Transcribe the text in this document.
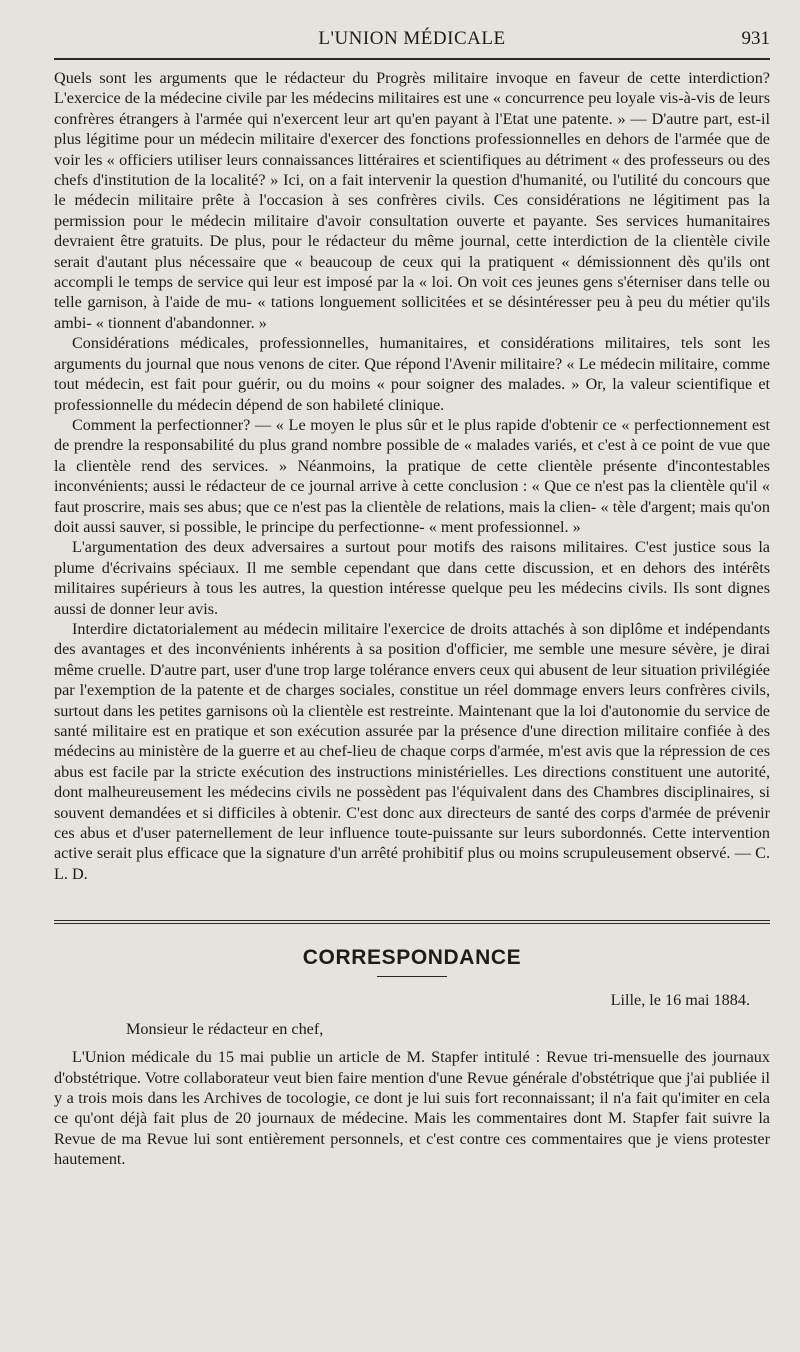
L'UNION MÉDICALE	931

Quels sont les arguments que le rédacteur du Progrès militaire invoque en faveur de cette interdiction? L'exercice de la médecine civile par les médecins militaires est une « concurrence peu loyale vis-à-vis de leurs confrères étrangers à l'armée qui n'exercent leur art qu'en payant à l'Etat une patente. » — D'autre part, est-il plus légitime pour un médecin militaire d'exercer des fonctions professionnelles en dehors de l'armée que de voir les « officiers utiliser leurs connaissances littéraires et scientifiques au détriment « des professeurs ou des chefs d'institution de la localité? » Ici, on a fait intervenir la question d'humanité, ou l'utilité du concours que le médecin militaire prête à l'occasion à ses confrères civils. Ces considérations ne légitiment pas la permission pour le médecin militaire d'avoir consultation ouverte et payante. Ses services humanitaires devraient être gratuits. De plus, pour le rédacteur du même journal, cette interdiction de la clientèle civile serait d'autant plus nécessaire que « beaucoup de ceux qui la pratiquent « démissionnent dès qu'ils ont accompli le temps de service qui leur est imposé par la « loi. On voit ces jeunes gens s'éterniser dans telle ou telle garnison, à l'aide de mu- « tations longuement sollicitées et se désintéresser peu à peu du métier qu'ils ambi- « tionnent d'abandonner. »

Considérations médicales, professionnelles, humanitaires, et considérations militaires, tels sont les arguments du journal que nous venons de citer. Que répond l'Avenir militaire? « Le médecin militaire, comme tout médecin, est fait pour guérir, ou du moins « pour soigner des malades. » Or, la valeur scientifique et professionnelle du médecin dépend de son habileté clinique.

Comment la perfectionner? — « Le moyen le plus sûr et le plus rapide d'obtenir ce « perfectionnement est de prendre la responsabilité du plus grand nombre possible de « malades variés, et c'est à ce point de vue que la clientèle rend des services. » Néanmoins, la pratique de cette clientèle présente d'incontestables inconvénients; aussi le rédacteur de ce journal arrive à cette conclusion : « Que ce n'est pas la clientèle qu'il « faut proscrire, mais ses abus; que ce n'est pas la clientèle de relations, mais la clien- « tèle d'argent; mais qu'on doit aussi sauver, si possible, le principe du perfectionne- « ment professionnel. »

L'argumentation des deux adversaires a surtout pour motifs des raisons militaires. C'est justice sous la plume d'écrivains spéciaux. Il me semble cependant que dans cette discussion, et en dehors des intérêts militaires supérieurs à tous les autres, la question intéresse quelque peu les médecins civils. Ils sont dignes aussi de donner leur avis.

Interdire dictatorialement au médecin militaire l'exercice de droits attachés à son diplôme et indépendants des avantages et des inconvénients inhérents à sa position d'officier, me semble une mesure sévère, je dirai même cruelle. D'autre part, user d'une trop large tolérance envers ceux qui abusent de leur situation privilégiée par l'exemption de la patente et de charges sociales, constitue un réel dommage envers leurs confrères civils, surtout dans les petites garnisons où la clientèle est restreinte. Maintenant que la loi d'autonomie du service de santé militaire est en pratique et son exécution assurée par la présence d'une direction militaire confiée à des médecins au ministère de la guerre et au chef-lieu de chaque corps d'armée, m'est avis que la répression de ces abus est facile par la stricte exécution des instructions ministérielles. Les directions constituent une autorité, dont malheureusement les médecins civils ne possèdent pas l'équivalent dans des Chambres disciplinaires, si souvent demandées et si difficiles à obtenir. C'est donc aux directeurs de santé des corps d'armée de prévenir ces abus et d'user paternellement de leur influence toute-puissante sur leurs subordonnés. Cette intervention active serait plus efficace que la signature d'un arrêté prohibitif plus ou moins scrupuleusement observé. — C. L. D.

CORRESPONDANCE
Lille, le 16 mai 1884.
Monsieur le rédacteur en chef,

L'Union médicale du 15 mai publie un article de M. Stapfer intitulé : Revue tri-mensuelle des journaux d'obstétrique. Votre collaborateur veut bien faire mention d'une Revue générale d'obstétrique que j'ai publiée il y a trois mois dans les Archives de tocologie, ce dont je lui suis fort reconnaissant; il n'a fait qu'imiter en cela ce qu'ont déjà fait plus de 20 journaux de médecine. Mais les commentaires dont M. Stapfer fait suivre la Revue de ma Revue lui sont entièrement personnels, et c'est contre ces commentaires que je viens protester hautement.
